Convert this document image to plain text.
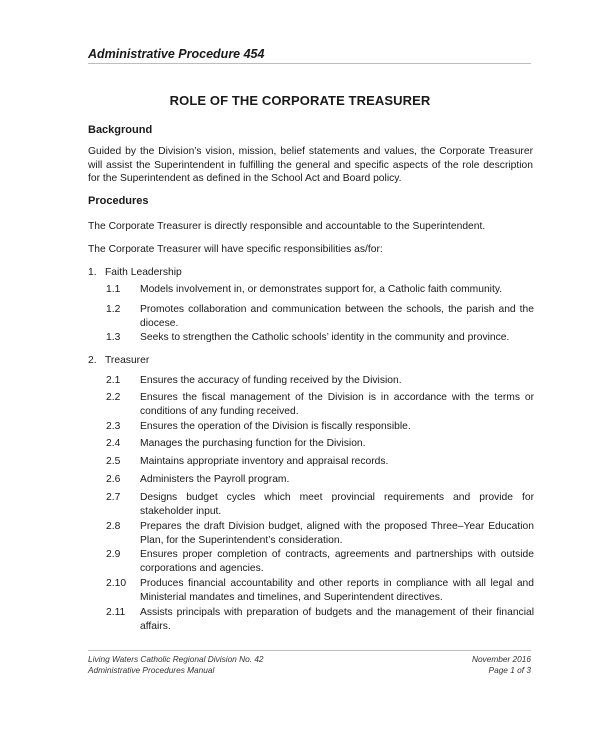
Administrative Procedure 454
ROLE OF THE CORPORATE TREASURER
Background
Guided by the Division’s vision, mission, belief statements and values, the Corporate Treasurer will assist the Superintendent in fulfilling the general and specific aspects of the role description for the Superintendent as defined in the School Act and Board policy.
Procedures
The Corporate Treasurer is directly responsible and accountable to the Superintendent.
The Corporate Treasurer will have specific responsibilities as/for:
1. Faith Leadership
1.1	Models involvement in, or demonstrates support for, a Catholic faith community.
1.2	Promotes collaboration and communication between the schools, the parish and the diocese.
1.3	Seeks to strengthen the Catholic schools’ identity in the community and province.
2. Treasurer
2.1	Ensures the accuracy of funding received by the Division.
2.2	Ensures the fiscal management of the Division is in accordance with the terms or conditions of any funding received.
2.3	Ensures the operation of the Division is fiscally responsible.
2.4	Manages the purchasing function for the Division.
2.5	Maintains appropriate inventory and appraisal records.
2.6	Administers the Payroll program.
2.7	Designs budget cycles which meet provincial requirements and provide for stakeholder input.
2.8	Prepares the draft Division budget, aligned with the proposed Three–Year Education Plan, for the Superintendent’s consideration.
2.9	Ensures proper completion of contracts, agreements and partnerships with outside corporations and agencies.
2.10	Produces financial accountability and other reports in compliance with all legal and Ministerial mandates and timelines, and Superintendent directives.
2.11	Assists principals with preparation of budgets and the management of their financial affairs.
Living Waters Catholic Regional Division No. 42
Administrative Procedures Manual
November 2016
Page 1 of 3
